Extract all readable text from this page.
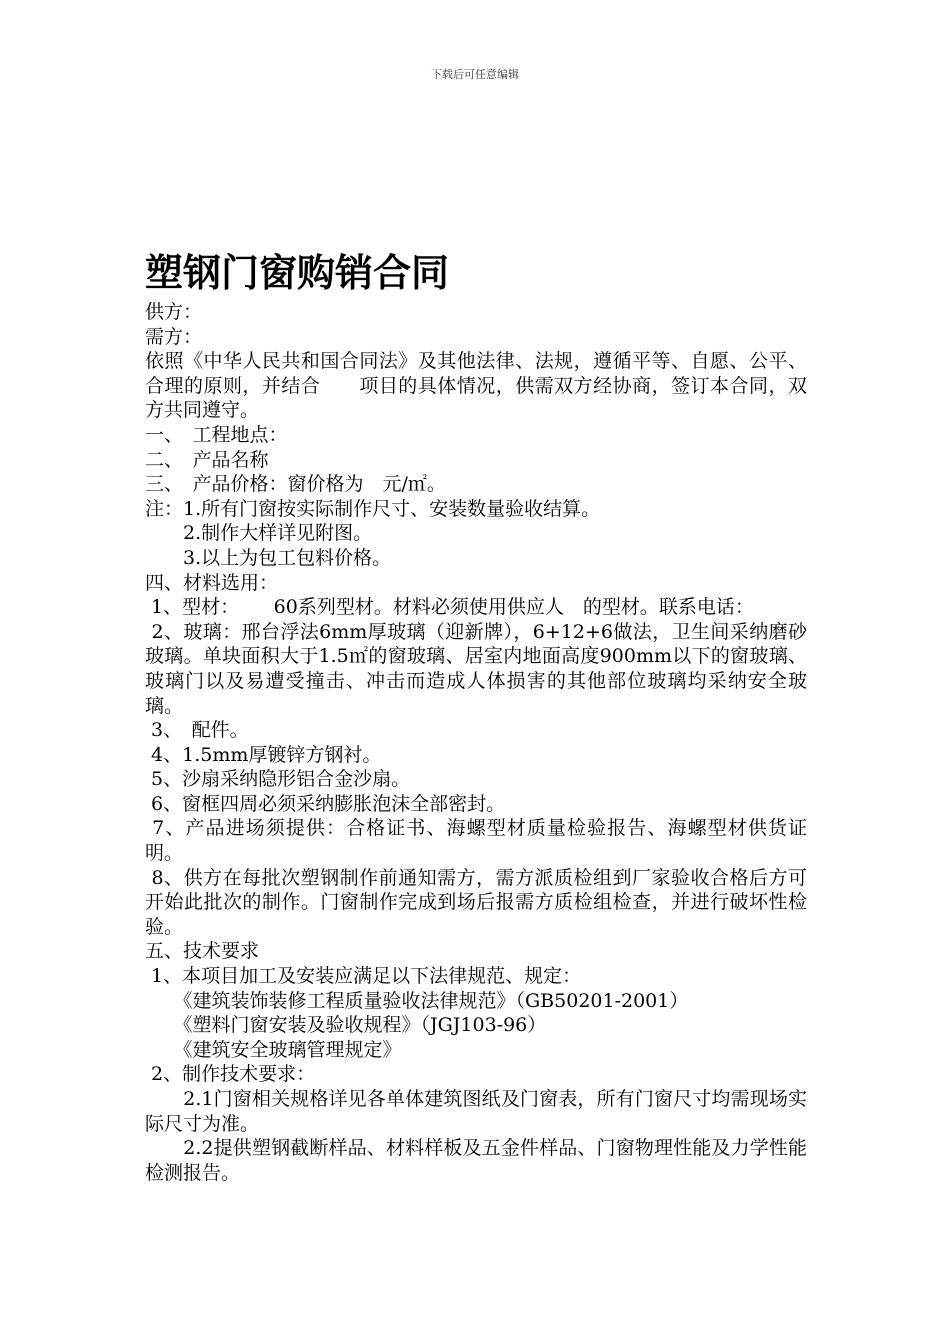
下载后可任意编辑
塑钢门窗购销合同

供方：

需方：

依照《中华人民共和国合同法》及其他法律、法规，遵循平等、自愿、公平、合理的原则，并结合　　项目的具体情况，供需双方经协商，签订本合同，双方共同遵守。

一、　工程地点：

二、　产品名称

三、　产品价格：窗价格为　元/㎡。

注：1.所有门窗按实际制作尺寸、安装数量验收结算。

　　2.制作大样详见附图。

　　3.以上为包工包料价格。

四、材料选用：

1、型材：　　 60系列型材。材料必须使用供应人　的型材。联系电话：

2、玻璃：邢台浮法6mm厚玻璃（迎新牌），6+12+6做法，卫生间采纳磨砂玻璃。单块面积大于1.5㎡的窗玻璃、居室内地面高度900mm以下的窗玻璃、玻璃门以及易遭受撞击、冲击而造成人体损害的其他部位玻璃均采纳安全玻璃。

3、　配件。

4、1.5mm厚镀锌方钢衬。

5、沙扇采纳隐形铝合金沙扇。

6、窗框四周必须采纳膨胀泡沫全部密封。

7、产品进场须提供：合格证书、海螺型材质量检验报告、海螺型材供货证明。

8、供方在每批次塑钢制作前通知需方，需方派质检组到厂家验收合格后方可开始此批次的制作。门窗制作完成到场后报需方质检组检查，并进行破坏性检验。

五、技术要求

1、本项目加工及安装应满足以下法律规范、规定：

　　《建筑装饰装修工程质量验收法律规范》（GB50201-2001）

　　《塑料门窗安装及验收规程》（JGJ103-96）

　　《建筑安全玻璃管理规定》

2、制作技术要求：

　　2.1门窗相关规格详见各单体建筑图纸及门窗表，所有门窗尺寸均需现场实际尺寸为准。

　　2.2提供塑钢截断样品、材料样板及五金件样品、门窗物理性能及力学性能检测报告。
